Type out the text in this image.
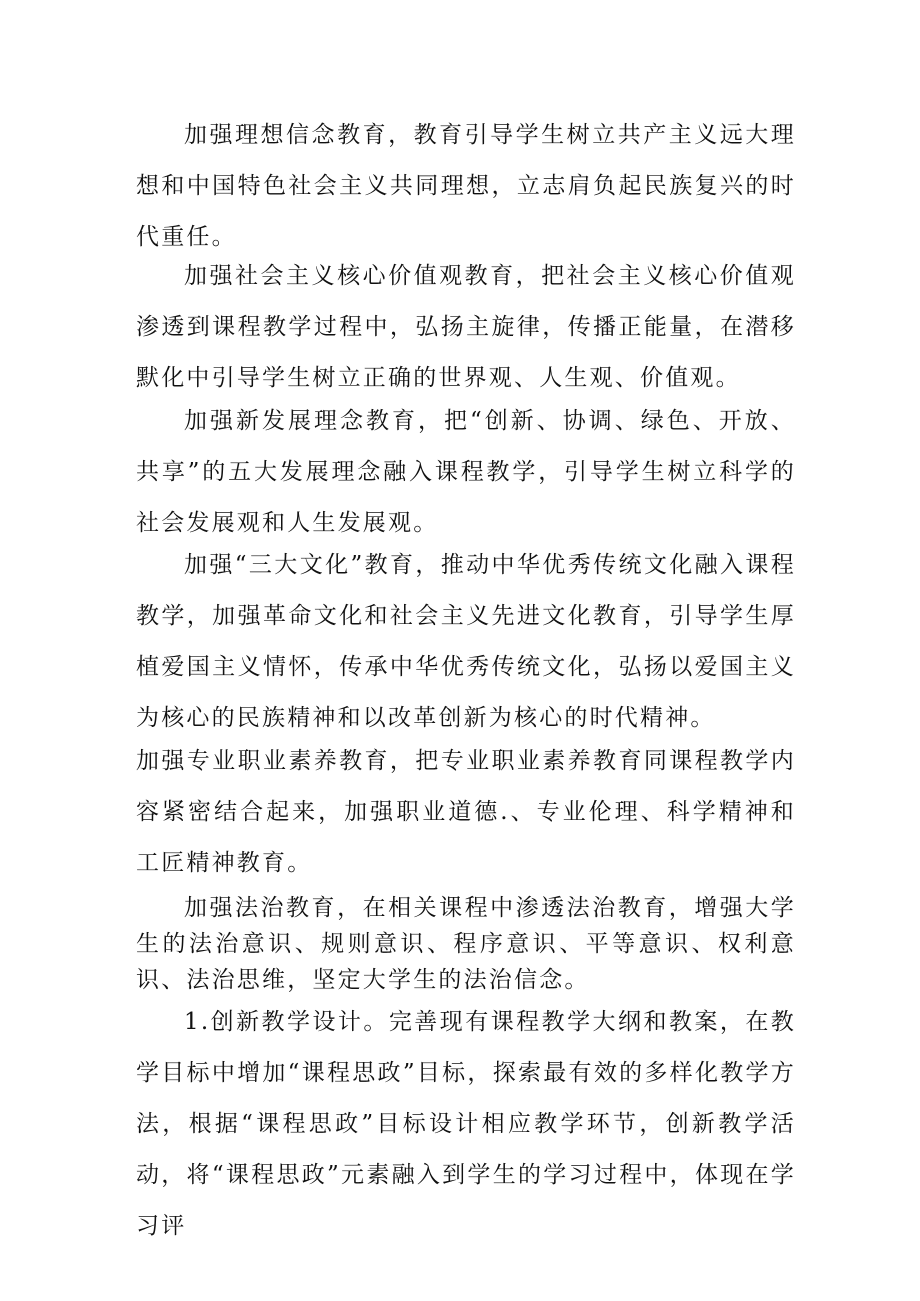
加强理想信念教育，教育引导学生树立共产主义远大理想和中国特色社会主义共同理想，立志肩负起民族复兴的时代重任。

加强社会主义核心价值观教育，把社会主义核心价值观渗透到课程教学过程中，弘扬主旋律，传播正能量，在潜移默化中引导学生树立正确的世界观、人生观、价值观。

加强新发展理念教育，把“创新、协调、绿色、开放、共享”的五大发展理念融入课程教学，引导学生树立科学的社会发展观和人生发展观。

加强“三大文化”教育，推动中华优秀传统文化融入课程教学，加强革命文化和社会主义先进文化教育，引导学生厚植爱国主义情怀，传承中华优秀传统文化，弘扬以爱国主义为核心的民族精神和以改革创新为核心的时代精神。

加强专业职业素养教育，把专业职业素养教育同课程教学内容紧密结合起来，加强职业道德.、专业伦理、科学精神和工匠精神教育。

加强法治教育，在相关课程中渗透法治教育，增强大学生的法治意识、规则意识、程序意识、平等意识、权利意识、法治思维，坚定大学生的法治信念。

1.创新教学设计。完善现有课程教学大纲和教案，在教学目标中增加“课程思政”目标，探索最有效的多样化教学方法，根据“课程思政”目标设计相应教学环节，创新教学活动，将“课程思政”元素融入到学生的学习过程中，体现在学习评
